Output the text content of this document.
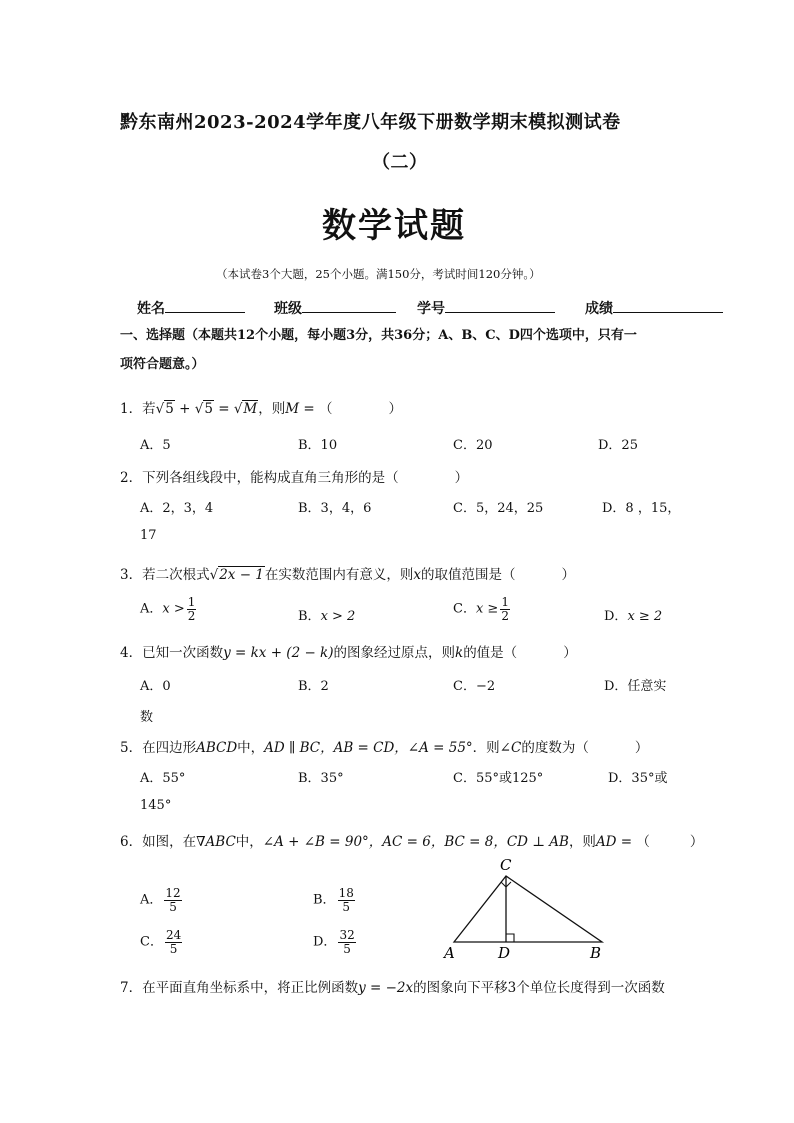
黔东南州2023-2024学年度八年级下册数学期末模拟测试卷
（二）
数学试题
（本试卷3个大题，25个小题。满150分，考试时间120分钟。）
姓名	班级	学号	成绩
一、选择题（本题共12个小题，每小题3分，共36分；A、B、C、D四个选项中，只有一
项符合题意。）
1．若√5 + √5 = √M，则M = （	）
A．5	B．10	C．20	D．25
2．下列各组线段中，能构成直角三角形的是（	）
A．2，3，4	B．3，4，6	C．5，24，25	D．8 ，15，
17
3．若二次根式√2x − 1在实数范围内有意义，则x的取值范围是（	）
A．$x > \frac{1}{2}$	B．x > 2	C．$x \ge \frac{1}{2}$	D．x ≥ 2
4．已知一次函数y = kx + (2 − k)的图象经过原点，则k的值是（	）
A．0	B．2	C．−2	D．任意实
数
5．在四边形ABCD中，AD ∥ BC，AB = CD，∠A = 55°．则∠C的度数为（	）
A．55°	B．35°	C．55°或125°	D．35°或
145°
6．如图，在∇ABC中，∠A + ∠B = 90°，AC = 6，BC = 8，CD ⊥ AB，则AD = （	）
A． $\frac{12}{5}$	B． $\frac{18}{5}$
C． $\frac{24}{5}$	D． $\frac{32}{5}$
C
A	D	B
7．在平面直角坐标系中，将正比例函数y = −2x的图象向下平移3个单位长度得到一次函数
